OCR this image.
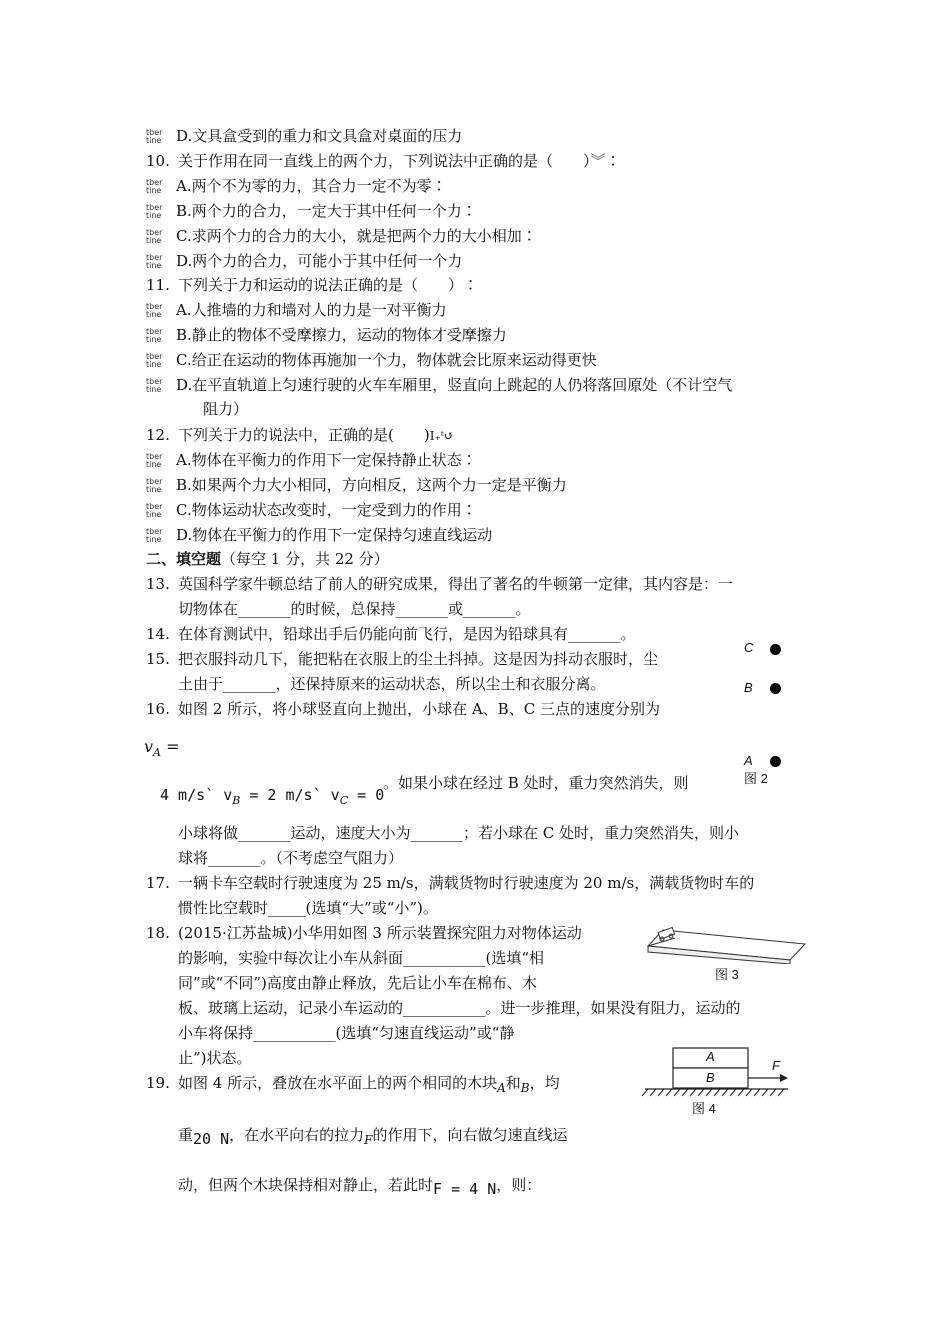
tber
tine D.文具盒受到的重力和文具盒对桌面的压力
10. 关于作用在同一直线上的两个力，下列说法中正确的是（　　）︾∶
tber
tine A.两个不为零的力，其合力一定不为零∶
tber
tine B.两个力的合力，一定大于其中任何一个力∶
tber
tine C.求两个力的合力的大小，就是把两个力的大小相加∶
tber
tine D.两个力的合力，可能小于其中任何一个力
11. 下列关于力和运动的说法正确的是（　　）∶
tber
tine A.人推墙的力和墙对人的力是一对平衡力
tber
tine B.静止的物体不受摩擦力，运动的物体才受摩擦力
tber
tine C.给正在运动的物体再施加一个力，物体就会比原来运动得更快
tber
tine D.在平直轨道上匀速行驶的火车车厢里，竖直向上跳起的人仍将落回原处（不计空气
阻力）
12. 下列关于力的说法中，正确的是(　　)I₊ᵗ↺
tber
tine A.物体在平衡力的作用下一定保持静止状态∶
tber
tine B.如果两个力大小相同，方向相反，这两个力一定是平衡力
tber
tine C.物体运动状态改变时，一定受到力的作用∶
tber
tine D.物体在平衡力的作用下一定保持匀速直线运动
二、填空题（每空 1 分，共 22 分）
13. 英国科学家牛顿总结了前人的研究成果，得出了著名的牛顿第一定律，其内容是：一
切物体在_______的时候，总保持_______或_______。
14. 在体育测试中，铅球出手后仍能向前飞行，是因为铅球具有_______。
15. 把衣服抖动几下，能把粘在衣服上的尘土抖掉。这是因为抖动衣服时，尘
土由于_______，还保持原来的运动状态，所以尘土和衣服分离。
16. 如图 2 所示，将小球竖直向上抛出，小球在 A、B、C 三点的速度分别为
$v_A$ =
4 m/s` $v_B = 2$ m/s` $v_C = 0$
。如果小球在经过 B 处时，重力突然消失，则
小球将做_______运动，速度大小为_______；若小球在 C 处时，重力突然消失，则小
球将_______。（不考虑空气阻力）
17. 一辆卡车空载时行驶速度为 25 m/s，满载货物时行驶速度为 20 m/s，满载货物时车的
惯性比空载时_____(选填“大”或“小”)。
18. (2015·江苏盐城)小华用如图 3 所示装置探究阻力对物体运动
的影响，实验中每次让小车从斜面___________(选填“相
同”或“不同”)高度由静止释放，先后让小车在棉布、木
板、玻璃上运动，记录小车运动的___________。进一步推理，如果没有阻力，运动的
小车将保持___________(选填“匀速直线运动”或“静
止”)状态。
19. 如图 4 所示，叠放在水平面上的两个相同的木块$_A$和$_B$，均
重$_{20 N}$，在水平向右的拉力$_F$的作用下，向右做匀速直线运
动，但两个木块保持相对静止，若此时$_{F = 4 N}$，则：
C
B
A
图 2
图 3
A
B
F
图 4
